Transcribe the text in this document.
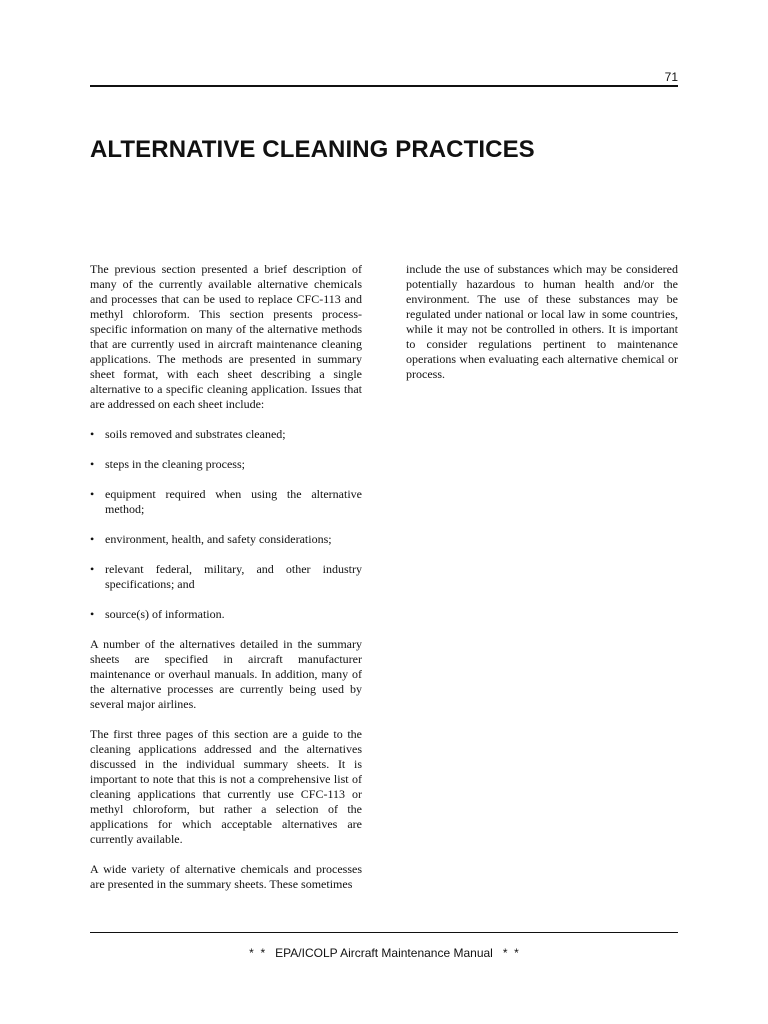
71
ALTERNATIVE CLEANING PRACTICES

The previous section presented a brief description of many of the currently available alternative chemicals and processes that can be used to replace CFC-113 and methyl chloroform. This section presents process-specific information on many of the alternative methods that are currently used in aircraft maintenance cleaning applications. The methods are presented in summary sheet format, with each sheet describing a single alternative to a specific cleaning application. Issues that are addressed on each sheet include:

• soils removed and substrates cleaned;
• steps in the cleaning process;
• equipment required when using the alternative method;
• environment, health, and safety considerations;
• relevant federal, military, and other industry specifications; and
• source(s) of information.

A number of the alternatives detailed in the summary sheets are specified in aircraft manufacturer maintenance or overhaul manuals. In addition, many of the alternative processes are currently being used by several major airlines.

The first three pages of this section are a guide to the cleaning applications addressed and the alternatives discussed in the individual summary sheets. It is important to note that this is not a comprehensive list of cleaning applications that currently use CFC-113 or methyl chloroform, but rather a selection of the applications for which acceptable alternatives are currently available.

A wide variety of alternative chemicals and processes are presented in the summary sheets. These sometimes

include the use of substances which may be considered potentially hazardous to human health and/or the environment. The use of these substances may be regulated under national or local law in some countries, while it may not be controlled in others. It is important to consider regulations pertinent to maintenance operations when evaluating each alternative chemical or process.

*  *   EPA/ICOLP Aircraft Maintenance Manual   *  *
